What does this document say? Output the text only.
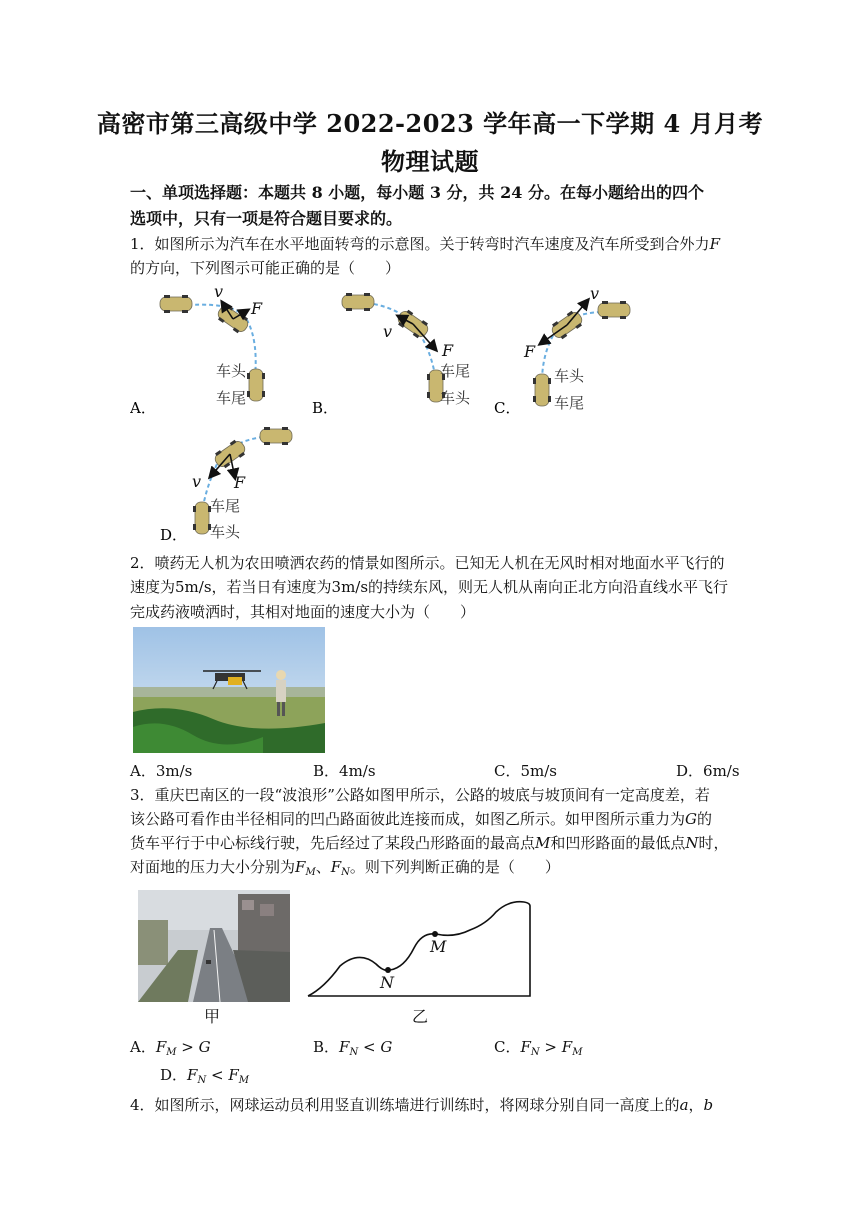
高密市第三高级中学 2022-2023 学年高一下学期 4 月月考
物理试题
一、单项选择题：本题共 8 小题，每小题 3 分，共 24 分。在每小题给出的四个
选项中，只有一项是符合题目要求的。
1．如图所示为汽车在水平地面转弯的示意图。关于转弯时汽车速度及汽车所受到合外力F
的方向，下列图示可能正确的是（　　）
v
F
车头
车尾
A．
v
F
车尾
车头
B．
v
F
车头
车尾
C．
v F
车尾
车头
D．
2．喷药无人机为农田喷洒农药的情景如图所示。已知无人机在无风时相对地面水平飞行的
速度为5m/s，若当日有速度为3m/s的持续东风，则无人机从南向正北方向沿直线水平飞行
完成药液喷洒时，其相对地面的速度大小为（　　）
A．3m/s	B．4m/s	C．5m/s	D．6m/s
3．重庆巴南区的一段“波浪形”公路如图甲所示，公路的坡底与坡顶间有一定高度差，若
该公路可看作由半径相同的凹凸路面彼此连接而成，如图乙所示。如甲图所示重力为G的
货车平行于中心标线行驶，先后经过了某段凸形路面的最高点M和凹形路面的最低点N时，
对面地的压力大小分别为$F_M$、$F_N$。则下列判断正确的是（　　）
甲
M
N
乙
A．$F_M > G$	B．$F_N < G$	C．$F_N > F_M$
D．$F_N < F_M$
4．如图所示，网球运动员利用竖直训练墙进行训练时，将网球分别自同一高度上的a，b
